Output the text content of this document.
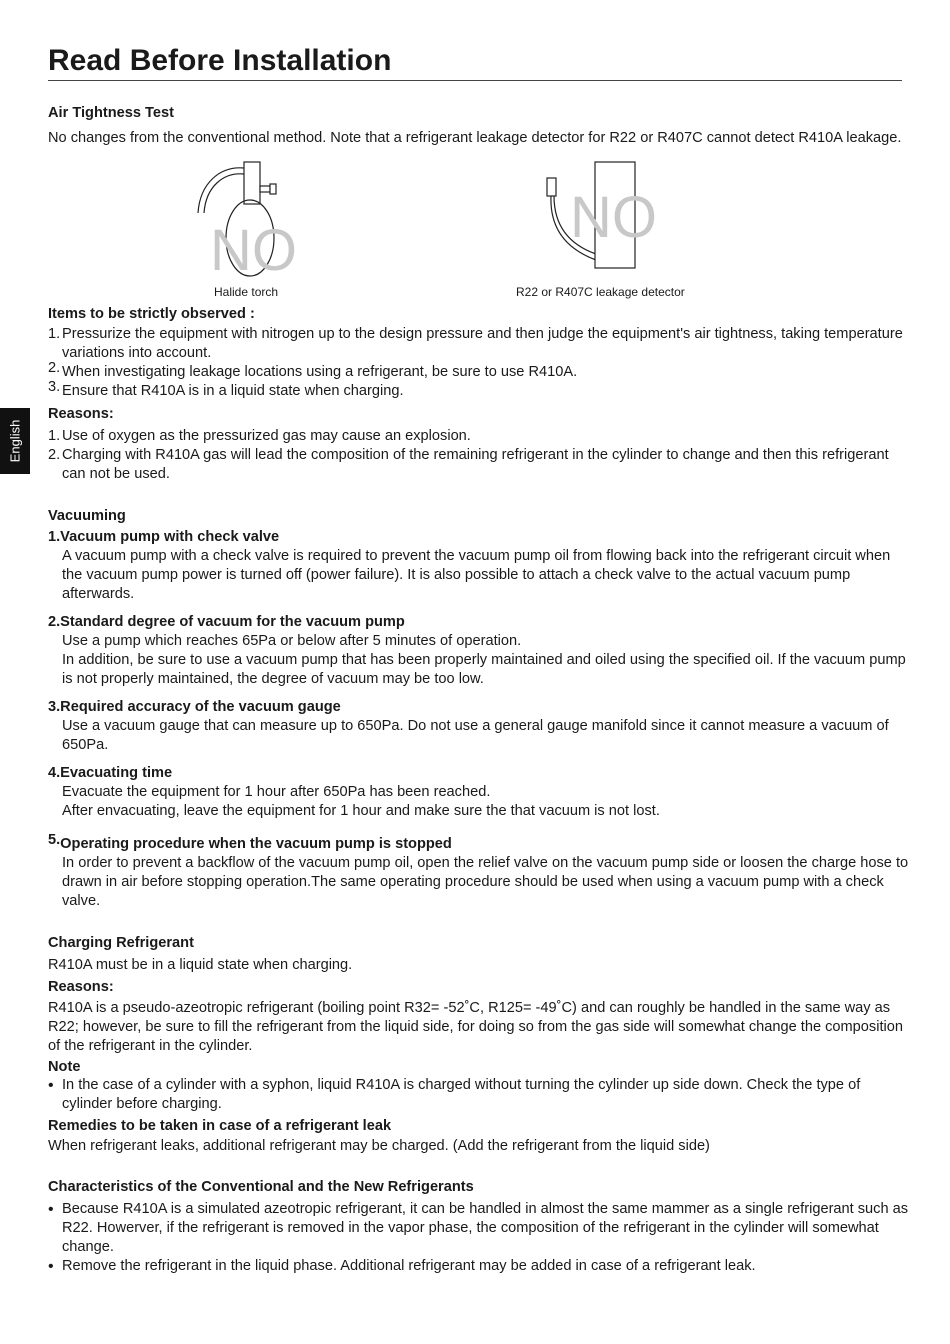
Read Before Installation
English

Air Tightness Test

No changes from the conventional method. Note that a refrigerant leakage detector for R22 or R407C cannot detect R410A leakage.

NO

Halide torch

NO

R22 or R407C leakage detector

Items to be strictly observed :

1. Pressurize the equipment with nitrogen up to the design pressure and then judge the equipment's air tightness, taking temperature variations into account.
2. When investigating leakage locations using a refrigerant, be sure to use R410A.
3. Ensure that R410A is in a liquid state when charging.

Reasons:

1. Use of oxygen as the pressurized gas may cause an explosion.
2. Charging with R410A gas will lead the composition of the remaining refrigerant in the cylinder to change and then this refrigerant can not be used.

Vacuuming

1.Vacuum pump with check valve

A vacuum pump with a check valve is required to prevent the vacuum pump oil from flowing back into the refrigerant circuit when the vacuum pump power is turned off (power failure). It is also possible to attach a check valve to the actual vacuum pump afterwards.

2.Standard degree of vacuum for the vacuum pump

Use a pump which reaches 65Pa or below after 5 minutes of operation.

In addition, be sure to use a vacuum pump that has been properly maintained and oiled using the specified oil. If the vacuum pump is not properly maintained, the degree of vacuum may be too low.

3.Required accuracy of the vacuum gauge

Use a vacuum gauge that can measure up to 650Pa. Do not use a general gauge manifold since it cannot measure a vacuum of 650Pa.

4.Evacuating time

Evacuate the equipment for 1 hour after 650Pa has been reached.

After envacuating, leave the equipment for 1 hour and make sure the that vacuum is not lost.

5.Operating procedure when the vacuum pump is stopped

In order to prevent a backflow of the vacuum pump oil, open the relief valve on the vacuum pump side or loosen the charge hose to drawn in air before stopping operation.The same operating procedure should be used when using a vacuum pump with a check valve.

Charging Refrigerant

R410A must be in a liquid state when charging.

Reasons:

R410A is a pseudo-azeotropic refrigerant (boiling point R32= -52˚C, R125= -49˚C) and can roughly be handled in the same way as R22; however, be sure to fill the refrigerant from the liquid side, for doing so from the gas side will somewhat change the composition of the refrigerant in the cylinder.

Note

• In the case of a cylinder with a syphon, liquid R410A is charged without turning the cylinder up side down. Check the type of cylinder before charging.

Remedies to be taken in case of a refrigerant leak

When refrigerant leaks, additional refrigerant may be charged. (Add the refrigerant from the liquid side)

Characteristics of the Conventional and the New Refrigerants

• Because R410A is a simulated azeotropic refrigerant, it can be handled in almost the same mammer as a single refrigerant such as R22. Howerver, if the refrigerant is removed in the vapor phase, the composition of the refrigerant in the cylinder will somewhat change.
• Remove the refrigerant in the liquid phase. Additional refrigerant may be added in case of a refrigerant leak.
